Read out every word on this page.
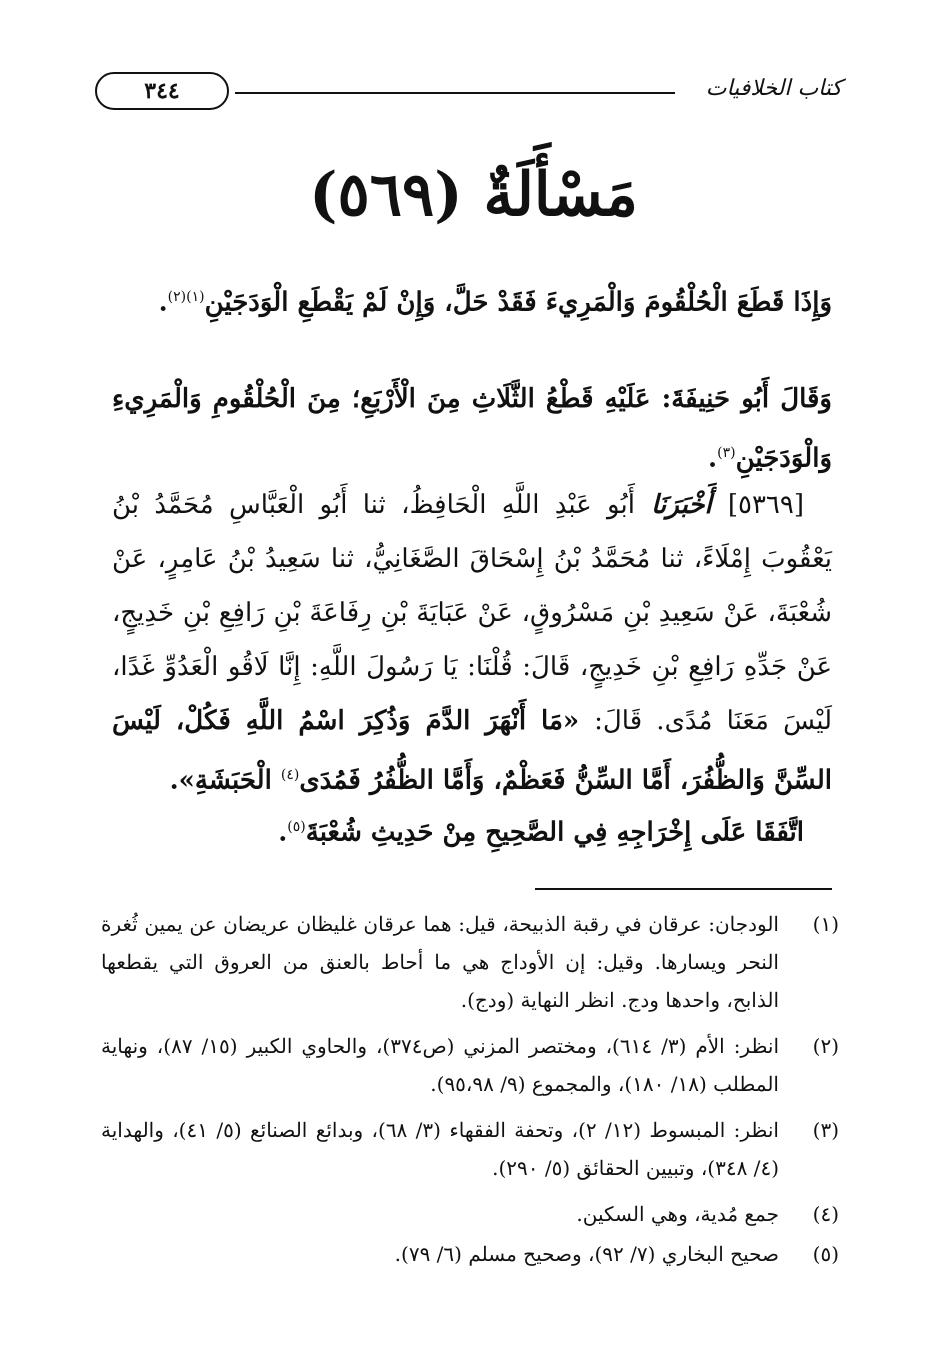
كتاب الخلافيات
٣٤٤
مَسْأَلَةٌ (٥٦٩)
وَإِذَا قَطَعَ الْحُلْقُومَ وَالْمَرِيءَ فَقَدْ حَلَّ، وَإِنْ لَمْ يَقْطَعِ الْوَدَجَيْنِ$^{(١)(٢)}$.
وَقَالَ أَبُو حَنِيفَةَ: عَلَيْهِ قَطْعُ الثَّلَاثِ مِنَ الْأَرْبَعِ؛ مِنَ الْحُلْقُومِ وَالْمَرِيءِ وَالْوَدَجَيْنِ$^{(٣)}$.
[٥٣٦٩] أَخْبَرَنَا أَبُو عَبْدِ اللَّهِ الْحَافِظُ، ثنا أَبُو الْعَبَّاسِ مُحَمَّدُ بْنُ يَعْقُوبَ إِمْلَاءً، ثنا مُحَمَّدُ بْنُ إِسْحَاقَ الصَّغَانِيُّ، ثنا سَعِيدُ بْنُ عَامِرٍ، عَنْ شُعْبَةَ، عَنْ سَعِيدِ بْنِ مَسْرُوقٍ، عَنْ عَبَايَةَ بْنِ رِفَاعَةَ بْنِ رَافِعِ بْنِ خَدِيجٍ، عَنْ جَدِّهِ رَافِعِ بْنِ خَدِيجٍ، قَالَ: قُلْنَا: يَا رَسُولَ اللَّهِ: إِنَّا لَاقُو الْعَدُوِّ غَدًا، لَيْسَ مَعَنَا مُدًى. قَالَ: «مَا أَنْهَرَ الدَّمَ وَذُكِرَ اسْمُ اللَّهِ فَكُلْ، لَيْسَ السِّنَّ وَالظُّفُرَ، أَمَّا السِّنُّ فَعَظْمٌ، وَأَمَّا الظُّفُرُ فَمُدَى$^{(٤)}$ الْحَبَشَةِ».
اتَّفَقَا عَلَى إِخْرَاجِهِ فِي الصَّحِيحِ مِنْ حَدِيثِ شُعْبَةَ$^{(٥)}$.
(١)
الودجان: عرقان في رقبة الذبيحة، قيل: هما عرقان غليظان عريضان عن يمين ثُغرة النحر ويسارها. وقيل: إن الأوداج هي ما أحاط بالعنق من العروق التي يقطعها الذابح، واحدها ودج. انظر النهاية (ودج).
(٢)
انظر: الأم (٣/ ٦١٤)، ومختصر المزني (ص٣٧٤)، والحاوي الكبير (١٥/ ٨٧)، ونهاية المطلب (١٨/ ١٨٠)، والمجموع (٩/ ٩٥،٩٨).
(٣)
انظر: المبسوط (١٢/ ٢)، وتحفة الفقهاء (٣/ ٦٨)، وبدائع الصنائع (٥/ ٤١)، والهداية (٤/ ٣٤٨)، وتبيين الحقائق (٥/ ٢٩٠).
(٤)
جمع مُدية، وهي السكين.
(٥)
صحيح البخاري (٧/ ٩٢)، وصحيح مسلم (٦/ ٧٩).
